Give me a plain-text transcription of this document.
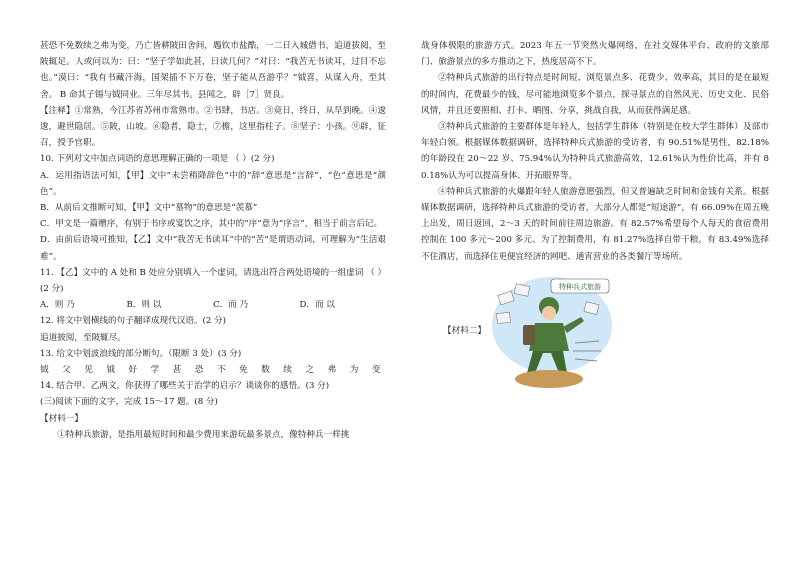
甚恐不免数续之弗为变，乃亡皆耕陂田舍间，鶗钦市盐酷，一二日入城借书，追道拔阅，至陂辄足。人或问以为：曰：“坚子学如此甚，日读几何？”对曰：“我苦无书读耳，过目不忘也。”漠曰：“我有书藏汗海，国架插不下万卷，坚子能从吾游乎？”钺喜，从谋入舟，至其舍。 B 命其子锡与钺同业。三年尽其书。县闻之，辟［7］贤良。

【注释】①常熟，今江苏省苏州市常熟市。②书肆，书店。③竟日，终日，从早到晚。④逡逡，避世隐居。⑤陂，山坡。⑥隐者，隐士，⑦檐，这里指柱子。⑧坚子：小孩。⑨辟，征召，授予官职。

10. 下列对文中加点词语的意思理解正确的一项是 （ ）(2 分)

A．运用指语法可知，【甲】文中“未尝稍降辞色”中的“辞”意思是“言辞”，“色”意思是“颜色”。

B．从前后文推断可知，【甲】文中“墓物”的意思是“羡慕”

C．甲文是一篇赠序，有别于书序或宴饮之序，其中的“序”意为“序言”，相当于前言后记。

D．由前后语境可推知，【乙】文中“我苦无书读耳”中的“苦”是谓语动词，可理解为“生活艰难”。

11. 【乙】文中的 A 处和 B 处应分别填入一个虚词，请选出符合两处语境的一组虚词 （ ）(2 分)

A．则 乃	B．则 以	C．而 乃	D．而 以

12. 将文中划横线的句子翻译成现代汉语。(2 分)

追道披阅，至陂辄尽。

13. 给文中划波浪线的部分断句。（限断 3 处）(3 分)

钺 父 见 钺 好 学 甚 恐 不 免 数 续 之 弗 为 变

14. 结合甲、乙两文，你获得了哪些关于治学的启示？谈谈你的感悟。(3 分)

(三)阅读下面的文字，完成 15～17 题。(8 分)

【材料一】

①特种兵旅游，是指用最短时间和最少费用来游玩最多景点，像特种兵一样挑

战身体极限的旅游方式。2023 年五一节突然火爆网络，在社交媒体平台、政府的文旅部门、旅游景点的多方推动之下，热度居高不下。

②特种兵式旅游的出行特点是时间短、浏览景点多、花费少、效率高，其目的是在最短的时间内，花费最少的钱，尽可能地浏览多个景点，探寻景点的自然风光、历史文化、民俗风情，并且还要照相、打卡、晒图、分享，挑战自我，从而获得满足感。

③特种兵式旅游的主要群体是年轻人，包括学生群体（特别是在校大学生群体）及部市年轻白领。根据媒体数据调研，选择特种兵式旅游的受访者，有 90.51%是男性，82.18%的年龄段在 20～22 岁、75.94%认为特种兵式旅游高效，12.61%认为性价比高，并有 80.18%认为可以提高身体、开拓眼界等。

④特种兵式旅游的火爆跟年轻人旅游意愿强烈，但又普遍缺乏时间和金钱有关系。根据媒体数据调研，选择特种兵式旅游的受访者，大部分人都是“短途游”，有 66.09%在周五晚上出发，周日返回，2～3 天的时间前往周边旅游。有 82.57%希望每个人每天的食宿费用控制在 100 多元～200 多元、为了控制费用，有 81.27%选择自带干粮，有 83.49%选择不住酒店，而选择住更便宜经济的网吧、通宵营业的各类餐厅等场所。

【材料二】
特种兵式旅游
